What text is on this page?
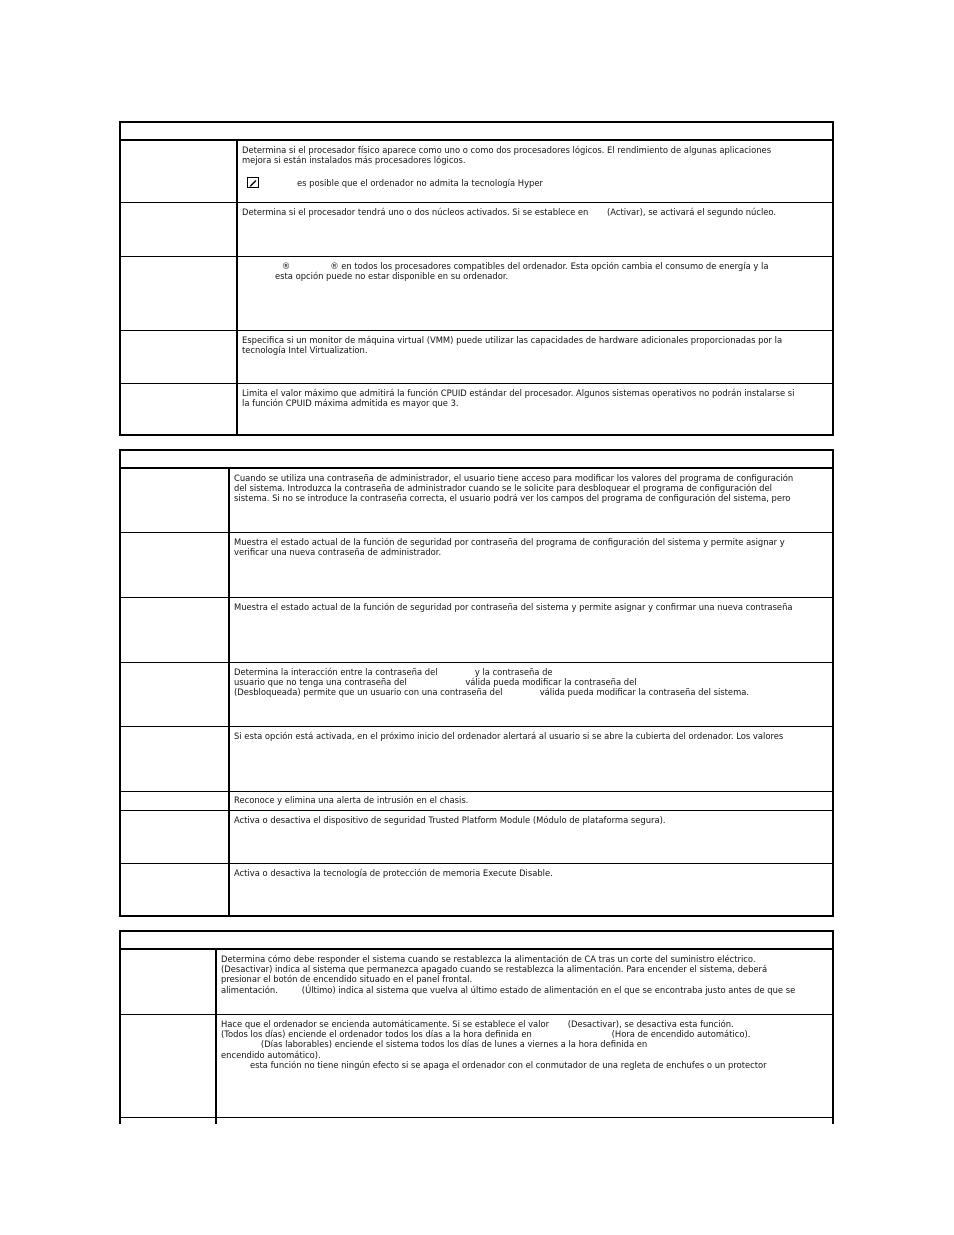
Determina si el procesador físico aparece como uno o como dos procesadores lógicos. El rendimiento de algunas aplicaciones

mejora si están instalados más procesadores lógicos.

es posible que el ordenador no admita la tecnología Hyper

Determina si el procesador tendrá uno o dos núcleos activados. Si se establece en       (Activar), se activará el segundo núcleo.

®               ® en todos los procesadores compatibles del ordenador. Esta opción cambia el consumo de energía y la

esta opción puede no estar disponible en su ordenador.

Especifica si un monitor de máquina virtual (VMM) puede utilizar las capacidades de hardware adicionales proporcionadas por la

tecnología Intel Virtualization.

Limita el valor máximo que admitirá la función CPUID estándar del procesador. Algunos sistemas operativos no podrán instalarse si

la función CPUID máxima admitida es mayor que 3.

Cuando se utiliza una contraseña de administrador, el usuario tiene acceso para modificar los valores del programa de configuración

del sistema. Introduzca la contraseña de administrador cuando se le solicite para desbloquear el programa de configuración del

sistema. Si no se introduce la contraseña correcta, el usuario podrá ver los campos del programa de configuración del sistema, pero

Muestra el estado actual de la función de seguridad por contraseña del programa de configuración del sistema y permite asignar y

verificar una nueva contraseña de administrador.

Muestra el estado actual de la función de seguridad por contraseña del sistema y permite asignar y confirmar una nueva contraseña

Determina la interacción entre la contraseña del              y la contraseña de

usuario que no tenga una contraseña del                      válida pueda modificar la contraseña del

(Desbloqueada) permite que un usuario con una contraseña del              válida pueda modificar la contraseña del sistema.

Si esta opción está activada, en el próximo inicio del ordenador alertará al usuario si se abre la cubierta del ordenador. Los valores

Reconoce y elimina una alerta de intrusión en el chasis.

Activa o desactiva el dispositivo de seguridad Trusted Platform Module (Módulo de plataforma segura).

Activa o desactiva la tecnología de protección de memoria Execute Disable.

Determina cómo debe responder el sistema cuando se restablezca la alimentación de CA tras un corte del suministro eléctrico.

(Desactivar) indica al sistema que permanezca apagado cuando se restablezca la alimentación. Para encender el sistema, deberá

presionar el botón de encendido situado en el panel frontal.

alimentación.         (Último) indica al sistema que vuelva al último estado de alimentación en el que se encontraba justo antes de que se

Hace que el ordenador se encienda automáticamente. Si se establece el valor       (Desactivar), se desactiva esta función.

(Todos los días) enciende el ordenador todos los días a la hora definida en                              (Hora de encendido automático).

(Días laborables) enciende el sistema todos los días de lunes a viernes a la hora definida en

encendido automático).

esta función no tiene ningún efecto si se apaga el ordenador con el conmutador de una regleta de enchufes o un protector
